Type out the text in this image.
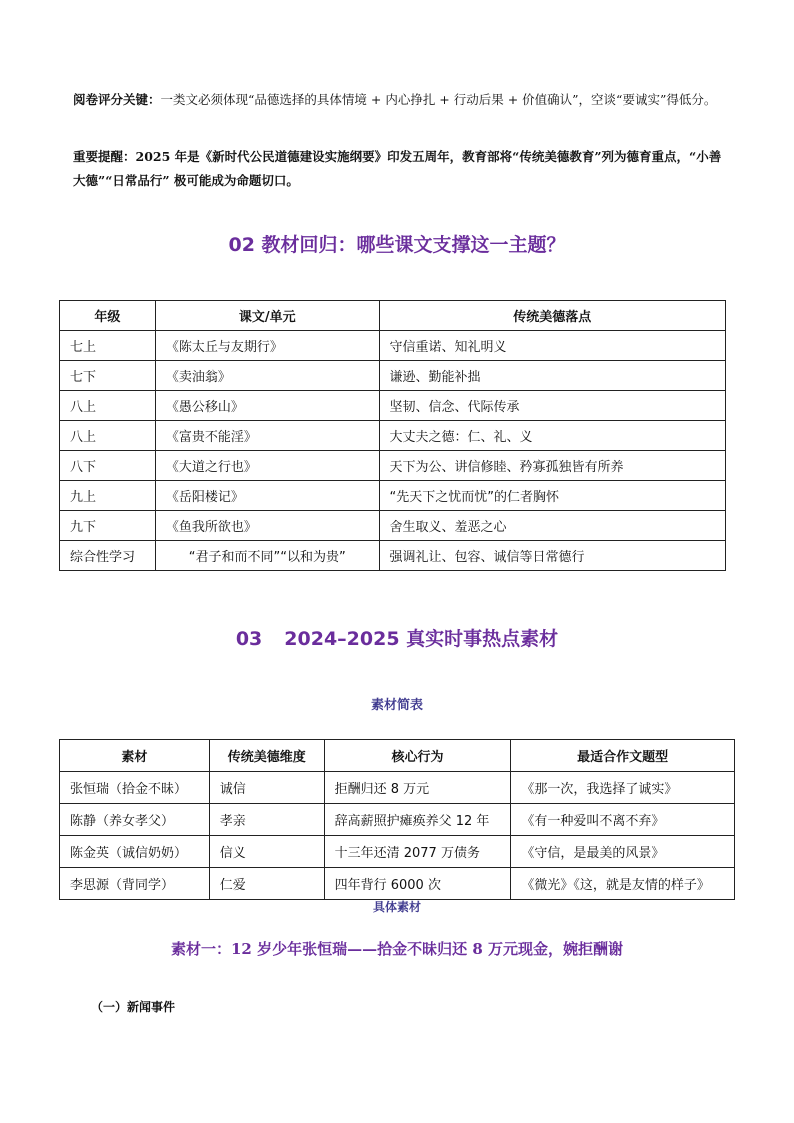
阅卷评分关键：一类文必须体现“品德选择的具体情境 + 内心挣扎 + 行动后果 + 价值确认”，空谈“要诚实”得低分。
重要提醒：2025 年是《新时代公民道德建设实施纲要》印发五周年，教育部将“传统美德教育”列为德育重点，“小善大德”“日常品行” 极可能成为命题切口。
02 教材回归：哪些课文支撑这一主题？
年级	课文/单元	传统美德落点
七上	《陈太丘与友期行》	守信重诺、知礼明义
七下	《卖油翁》	谦逊、勤能补拙
八上	《愚公移山》	坚韧、信念、代际传承
八上	《富贵不能淫》	大丈夫之德：仁、礼、义
八下	《大道之行也》	天下为公、讲信修睦、矜寡孤独皆有所养
九上	《岳阳楼记》	“先天下之忧而忧”的仁者胸怀
九下	《鱼我所欲也》	舍生取义、羞恶之心
综合性学习	“君子和而不同”“以和为贵”	强调礼让、包容、诚信等日常德行
03 2024–2025 真实时事热点素材
素材简表
素材	传统美德维度	核心行为	最适合作文题型
张恒瑞（拾金不昧）	诚信	拒酬归还 8 万元	《那一次，我选择了诚实》
陈静（养女孝父）	孝亲	辞高薪照护瘫痪养父 12 年	《有一种爱叫不离不弃》
陈金英（诚信奶奶）	信义	十三年还清 2077 万债务	《守信，是最美的风景》
李思源（背同学）	仁爱	四年背行 6000 次	《微光》《这，就是友情的样子》
具体素材
素材一：12 岁少年张恒瑞——拾金不昧归还 8 万元现金，婉拒酬谢
（一）新闻事件
